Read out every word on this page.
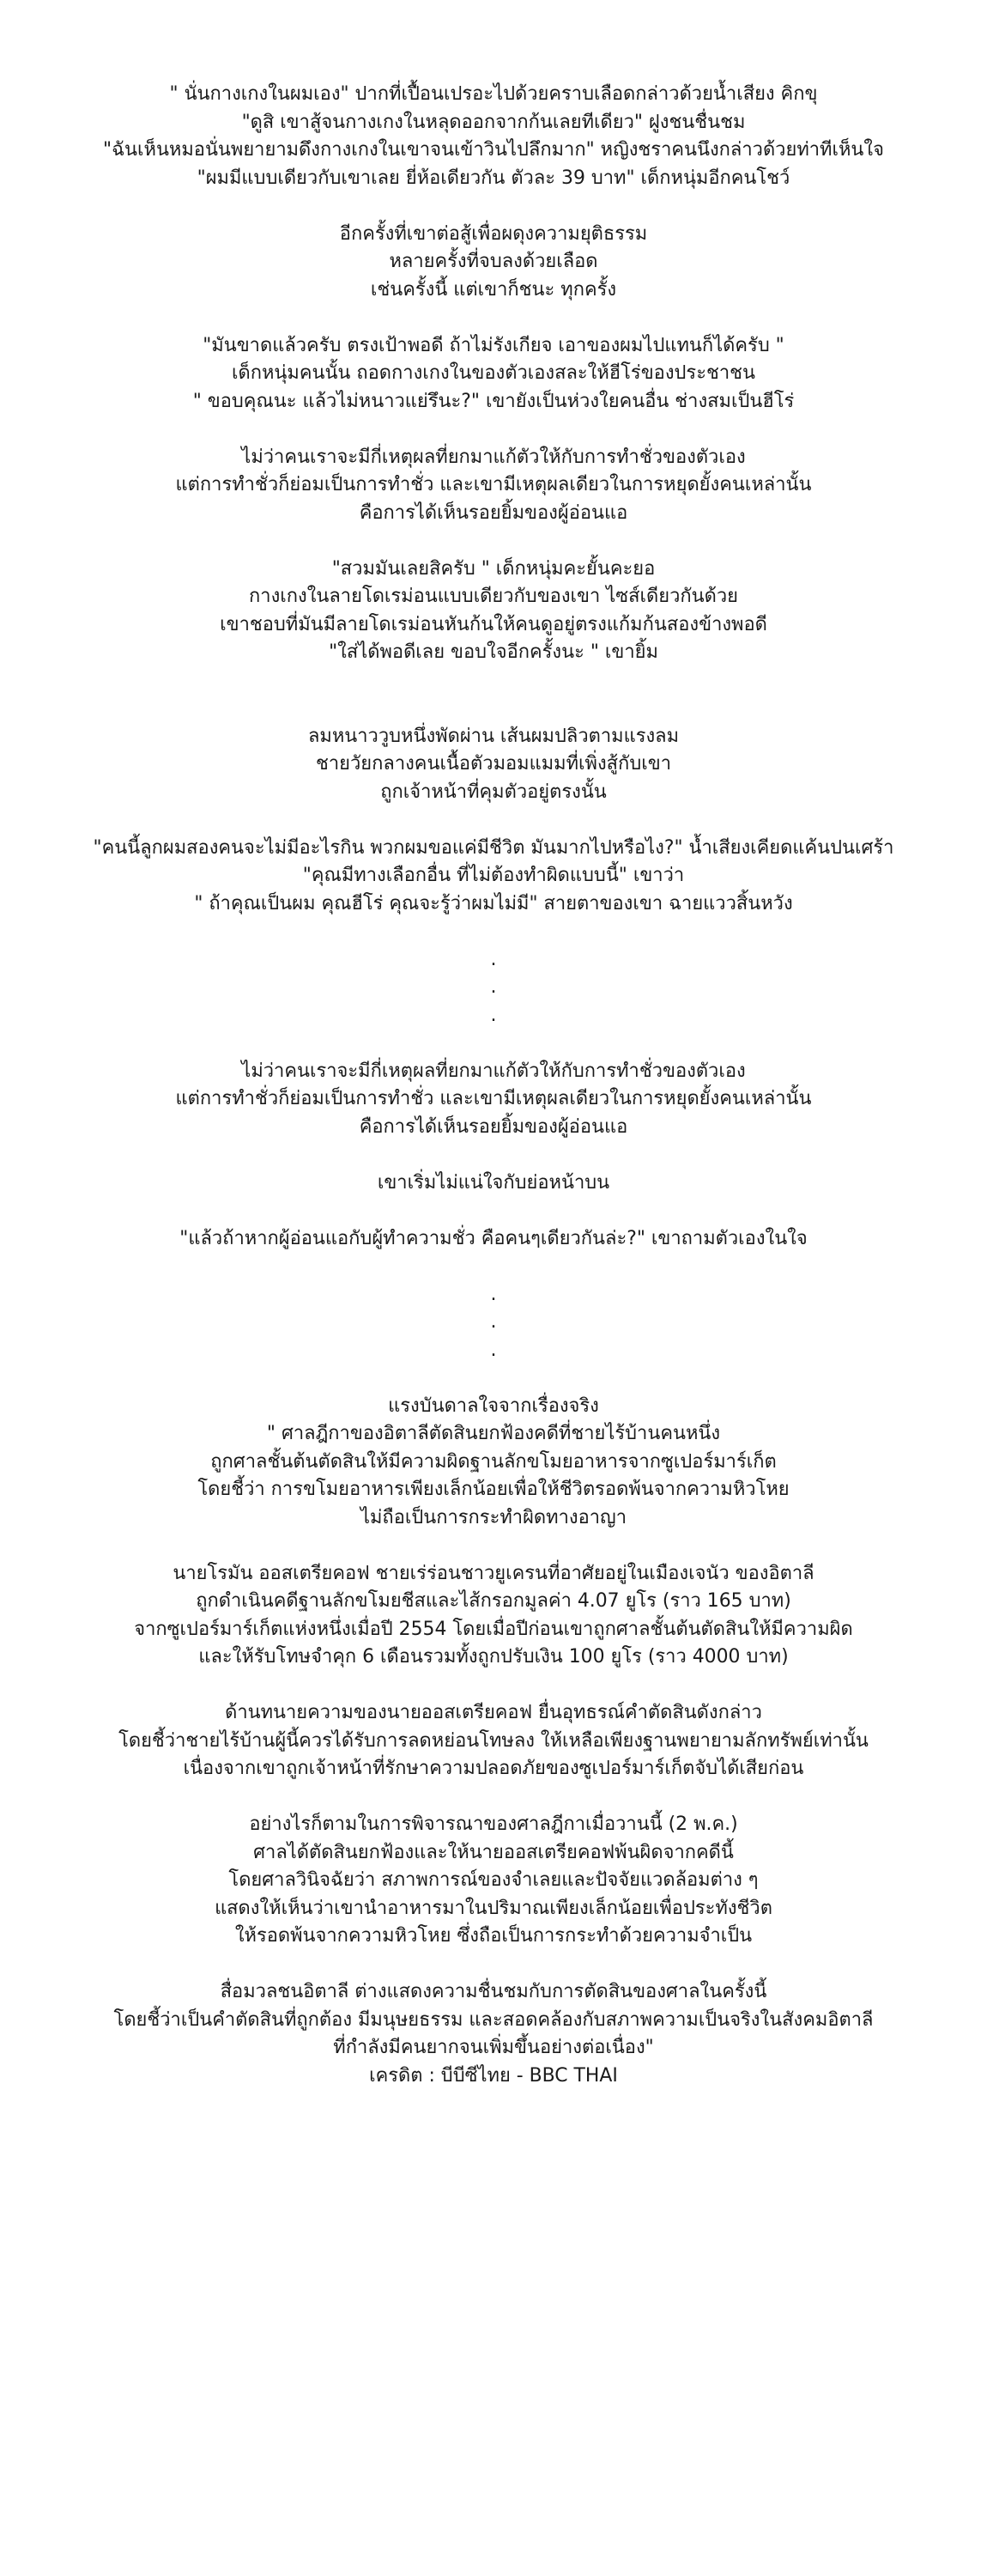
" นั่นกางเกงในผมเอง" ปากที่เปื้อนเปรอะไปด้วยคราบเลือดกล่าวด้วยน้ำเสียง คิกขุ

"ดูสิ เขาสู้จนกางเกงในหลุดออกจากก้นเลยทีเดียว" ฝูงชนชื่นชม

"ฉันเห็นหมอนั่นพยายามดึงกางเกงในเขาจนเข้าวินไปลึกมาก" หญิงชราคนนึงกล่าวด้วยท่าทีเห็นใจ

"ผมมีแบบเดียวกับเขาเลย ยี่ห้อเดียวกัน ตัวละ 39 บาท" เด็กหนุ่มอีกคนโชว์

อีกครั้งที่เขาต่อสู้เพื่อผดุงความยุติธรรม

หลายครั้งที่จบลงด้วยเลือด

เช่นครั้งนี้ แต่เขาก็ชนะ ทุกครั้ง

"มันขาดแล้วครับ ตรงเป้าพอดี ถ้าไม่รังเกียจ เอาของผมไปแทนก็ได้ครับ "

เด็กหนุ่มคนนั้น ถอดกางเกงในของตัวเองสละให้ฮีโร่ของประชาชน

" ขอบคุณนะ แล้วไม่หนาวแย่รึนะ?" เขายังเป็นห่วงใยคนอื่น ช่างสมเป็นฮีโร่

ไม่ว่าคนเราจะมีกี่เหตุผลที่ยกมาแก้ตัวให้กับการทำชั่วของตัวเอง

แต่การทำชั่วก็ย่อมเป็นการทำชั่ว และเขามีเหตุผลเดียวในการหยุดยั้งคนเหล่านั้น

คือการได้เห็นรอยยิ้มของผู้อ่อนแอ

"สวมมันเลยสิครับ " เด็กหนุ่มคะยั้นคะยอ

กางเกงในลายโดเรม่อนแบบเดียวกับของเขา ไซส์เดียวกันด้วย

เขาชอบที่มันมีลายโดเรม่อนหันก้นให้คนดูอยู่ตรงแก้มก้นสองข้างพอดี

"ใส่ได้พอดีเลย ขอบใจอีกครั้งนะ " เขายิ้ม

ลมหนาววูบหนึ่งพัดผ่าน เส้นผมปลิวตามแรงลม

ชายวัยกลางคนเนื้อตัวมอมแมมที่เพิ่งสู้กับเขา

ถูกเจ้าหน้าที่คุมตัวอยู่ตรงนั้น

"คนนี้ลูกผมสองคนจะไม่มีอะไรกิน พวกผมขอแค่มีชีวิต มันมากไปหรือไง?" น้ำเสียงเคียดแค้นปนเศร้า

"คุณมีทางเลือกอื่น ที่ไม่ต้องทำผิดแบบนี้" เขาว่า

" ถ้าคุณเป็นผม คุณฮีโร่ คุณจะรู้ว่าผมไม่มี" สายตาของเขา ฉายแววสิ้นหวัง

.
.
.

ไม่ว่าคนเราจะมีกี่เหตุผลที่ยกมาแก้ตัวให้กับการทำชั่วของตัวเอง

แต่การทำชั่วก็ย่อมเป็นการทำชั่ว และเขามีเหตุผลเดียวในการหยุดยั้งคนเหล่านั้น

คือการได้เห็นรอยยิ้มของผู้อ่อนแอ

เขาเริ่มไม่แน่ใจกับย่อหน้าบน

"แล้วถ้าหากผู้อ่อนแอกับผู้ทำความชั่ว คือคนๆเดียวกันล่ะ?" เขาถามตัวเองในใจ

.
.
.

แรงบันดาลใจจากเรื่องจริง

" ศาลฎีกาของอิตาลีตัดสินยกฟ้องคดีที่ชายไร้บ้านคนหนึ่ง

ถูกศาลชั้นต้นตัดสินให้มีความผิดฐานลักขโมยอาหารจากซูเปอร์มาร์เก็ต

โดยชี้ว่า การขโมยอาหารเพียงเล็กน้อยเพื่อให้ชีวิตรอดพ้นจากความหิวโหย

ไม่ถือเป็นการกระทำผิดทางอาญา

นายโรมัน ออสเตรียคอฟ ชายเร่ร่อนชาวยูเครนที่อาศัยอยู่ในเมืองเจนัว ของอิตาลี

ถูกดำเนินคดีฐานลักขโมยชีสและไส้กรอกมูลค่า 4.07 ยูโร (ราว 165 บาท)

จากซูเปอร์มาร์เก็ตแห่งหนึ่งเมื่อปี 2554 โดยเมื่อปีก่อนเขาถูกศาลชั้นต้นตัดสินให้มีความผิด

และให้รับโทษจำคุก 6 เดือนรวมทั้งถูกปรับเงิน 100 ยูโร (ราว 4000 บาท)

ด้านทนายความของนายออสเตรียคอฟ ยื่นอุทธรณ์คำตัดสินดังกล่าว

โดยชี้ว่าชายไร้บ้านผู้นี้ควรได้รับการลดหย่อนโทษลง ให้เหลือเพียงฐานพยายามลักทรัพย์เท่านั้น

เนื่องจากเขาถูกเจ้าหน้าที่รักษาความปลอดภัยของซูเปอร์มาร์เก็ตจับได้เสียก่อน

อย่างไรก็ตามในการพิจารณาของศาลฎีกาเมื่อวานนี้ (2 พ.ค.)

ศาลได้ตัดสินยกฟ้องและให้นายออสเตรียคอฟพ้นผิดจากคดีนี้

โดยศาลวินิจฉัยว่า สภาพการณ์ของจำเลยและปัจจัยแวดล้อมต่าง ๆ

แสดงให้เห็นว่าเขานำอาหารมาในปริมาณเพียงเล็กน้อยเพื่อประทังชีวิต

ให้รอดพ้นจากความหิวโหย ซึ่งถือเป็นการกระทำด้วยความจำเป็น

สื่อมวลชนอิตาลี ต่างแสดงความชื่นชมกับการตัดสินของศาลในครั้งนี้

โดยชี้ว่าเป็นคำตัดสินที่ถูกต้อง มีมนุษยธรรม และสอดคล้องกับสภาพความเป็นจริงในสังคมอิตาลี

ที่กำลังมีคนยากจนเพิ่มขึ้นอย่างต่อเนื่อง"

เครดิต : บีบีซีไทย - BBC THAI
